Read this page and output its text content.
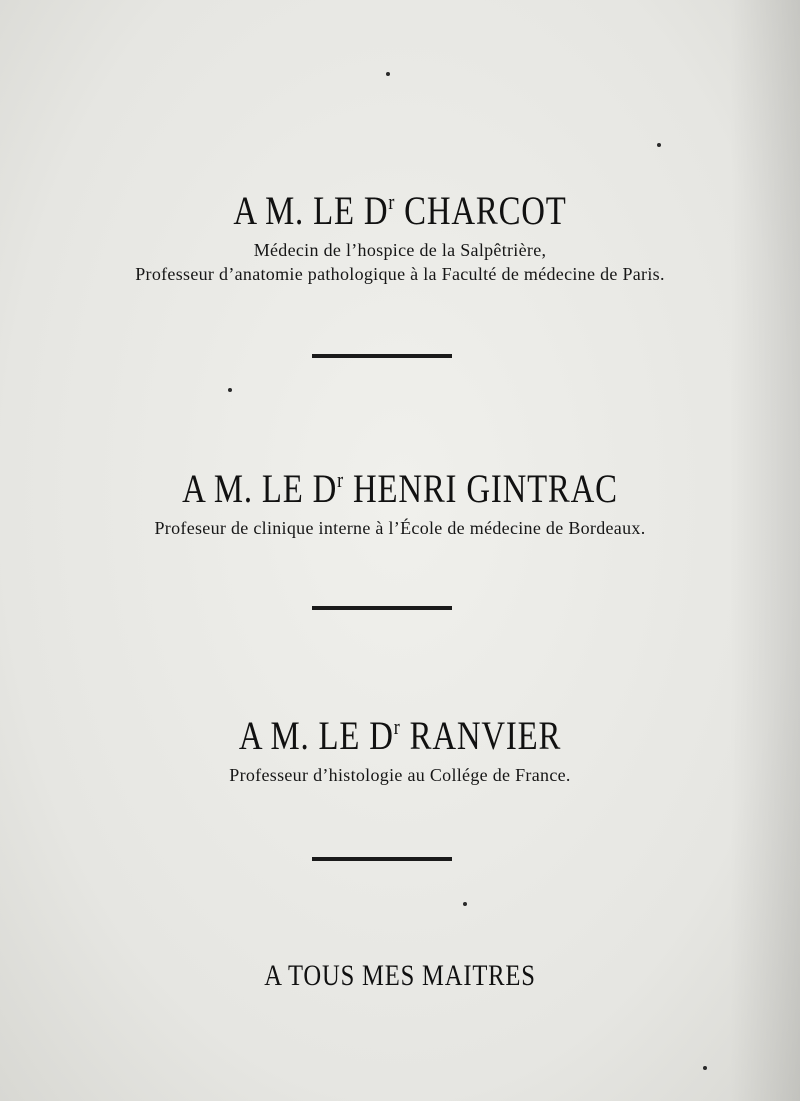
A M. LE $D^r$ CHARCOT
Médecin de l’hospice de la Salpêtrière,
Professeur d’anatomie pathologique à la Faculté de médecine de Paris.
A M. LE $D^r$ HENRI GINTRAC
Profeseur de clinique interne à l’École de médecine de Bordeaux.
A M. LE $D^r$ RANVIER
Professeur d’histologie au Collége de France.
A TOUS MES MAITRES
